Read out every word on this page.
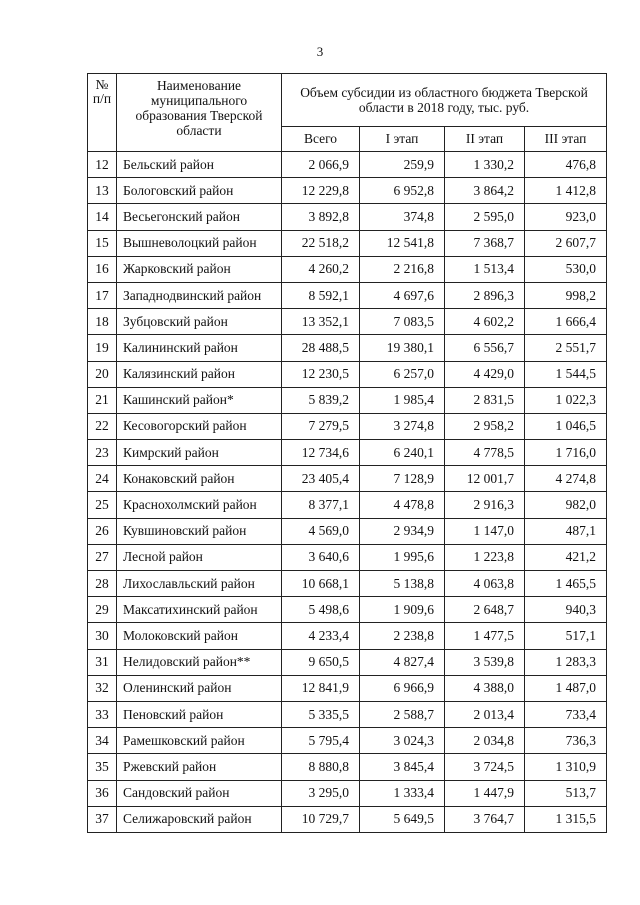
3
№ п/п	Наименование муниципального образования Тверской области	Объем субсидии из областного бюджета Тверской области в 2018 году, тыс. руб.			
		Всего	I этап	II этап	III этап
12	Бельский район	2 066,9	259,9	1 330,2	476,8
13	Бологовский район	12 229,8	6 952,8	3 864,2	1 412,8
14	Весьегонский район	3 892,8	374,8	2 595,0	923,0
15	Вышневолоцкий район	22 518,2	12 541,8	7 368,7	2 607,7
16	Жарковский район	4 260,2	2 216,8	1 513,4	530,0
17	Западнодвинский район	8 592,1	4 697,6	2 896,3	998,2
18	Зубцовский район	13 352,1	7 083,5	4 602,2	1 666,4
19	Калининский район	28 488,5	19 380,1	6 556,7	2 551,7
20	Калязинский район	12 230,5	6 257,0	4 429,0	1 544,5
21	Кашинский район*	5 839,2	1 985,4	2 831,5	1 022,3
22	Кесовогорский район	7 279,5	3 274,8	2 958,2	1 046,5
23	Кимрский район	12 734,6	6 240,1	4 778,5	1 716,0
24	Конаковский район	23 405,4	7 128,9	12 001,7	4 274,8
25	Краснохолмский район	8 377,1	4 478,8	2 916,3	982,0
26	Кувшиновский район	4 569,0	2 934,9	1 147,0	487,1
27	Лесной район	3 640,6	1 995,6	1 223,8	421,2
28	Лихославльский район	10 668,1	5 138,8	4 063,8	1 465,5
29	Максатихинский район	5 498,6	1 909,6	2 648,7	940,3
30	Молоковский район	4 233,4	2 238,8	1 477,5	517,1
31	Нелидовский район**	9 650,5	4 827,4	3 539,8	1 283,3
32	Оленинский район	12 841,9	6 966,9	4 388,0	1 487,0
33	Пеновский район	5 335,5	2 588,7	2 013,4	733,4
34	Рамешковский район	5 795,4	3 024,3	2 034,8	736,3
35	Ржевский район	8 880,8	3 845,4	3 724,5	1 310,9
36	Сандовский район	3 295,0	1 333,4	1 447,9	513,7
37	Селижаровский район	10 729,7	5 649,5	3 764,7	1 315,5
